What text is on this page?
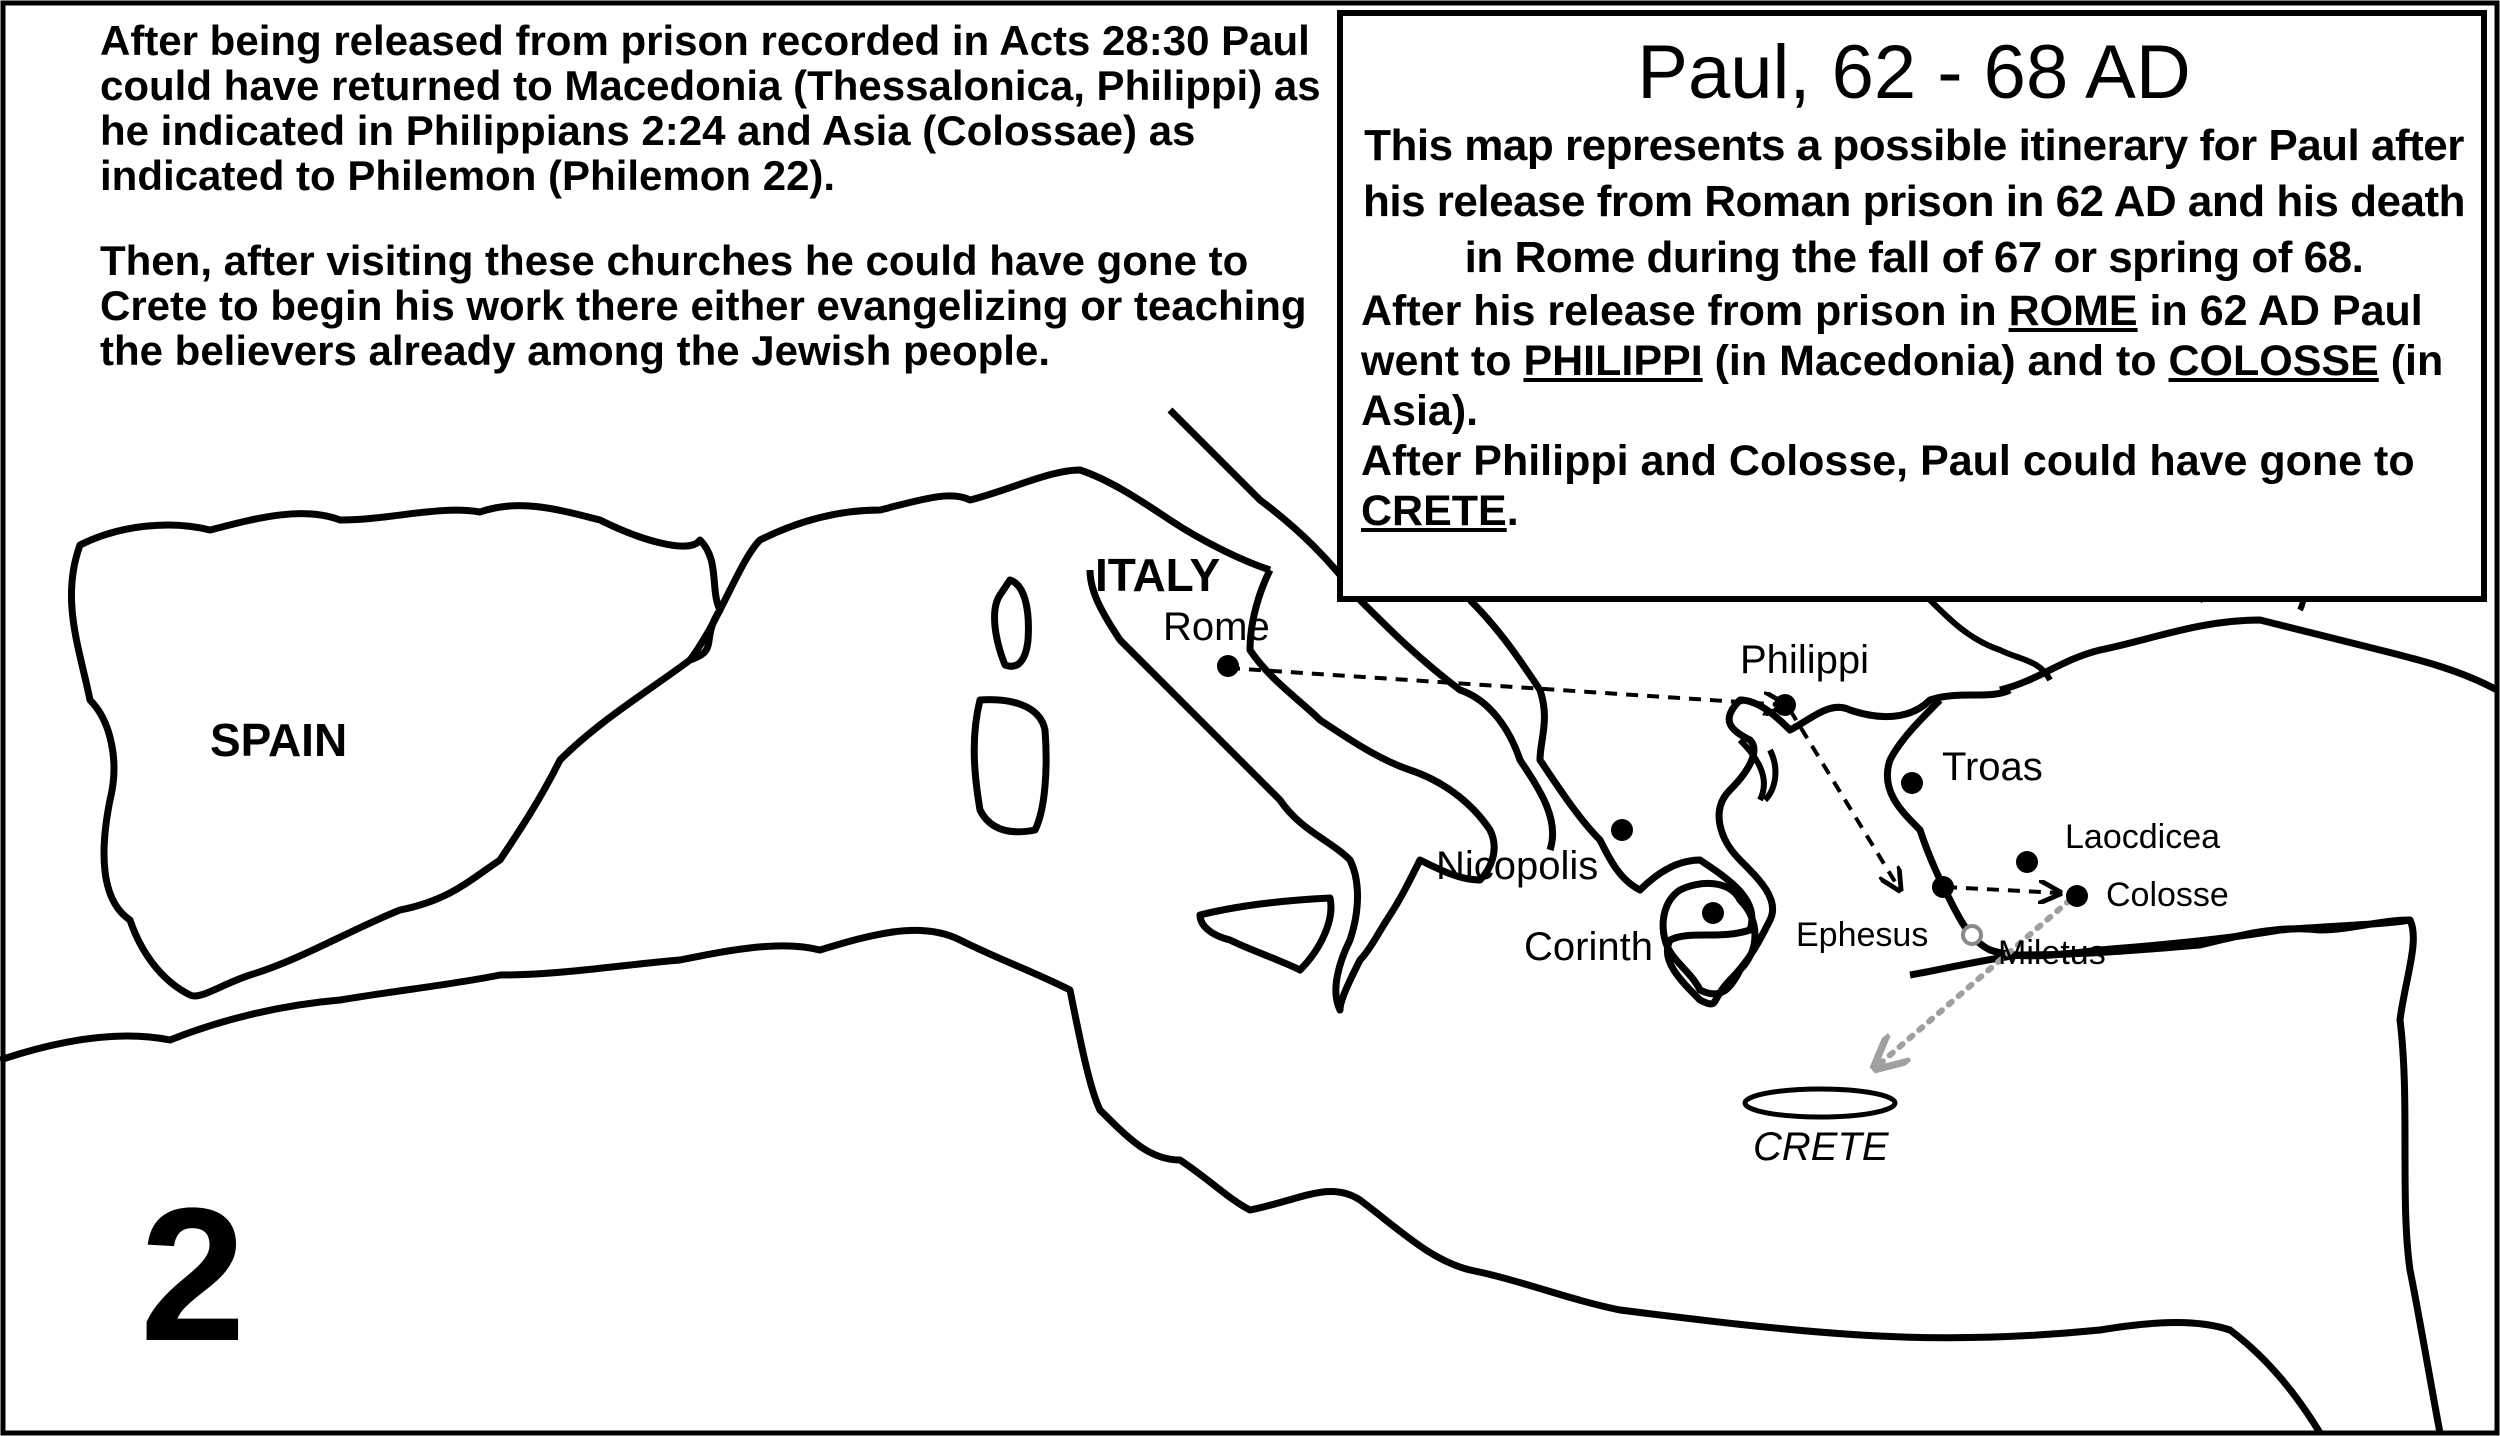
After being released from prison recorded in Acts 28:30 Paul could have returned to Macedonia (Thessalonica, Philippi) as he indicated in Philippians 2:24 and Asia (Colossae) as indicated to Philemon (Philemon 22).

Then, after visiting these churches he could have gone to Crete to begin his work there either evangelizing or teaching the believers already among the Jewish people.

Paul, 62 - 68 AD

This map represents a possible itinerary for Paul after his release from Roman prison in 62 AD and his death in Rome during the fall of 67 or spring of 68.

After his release from prison in ROME in 62 AD Paul went to PHILIPPI (in Macedonia) and to COLOSSE (in Asia).
After Philippi and Colosse, Paul could have gone to CRETE.

SPAIN
ITALY
CRETE
Rome
Philippi
Troas
Laocdicea
Colosse
Ephesus Miletus
Nicopolis
Corinth
2
